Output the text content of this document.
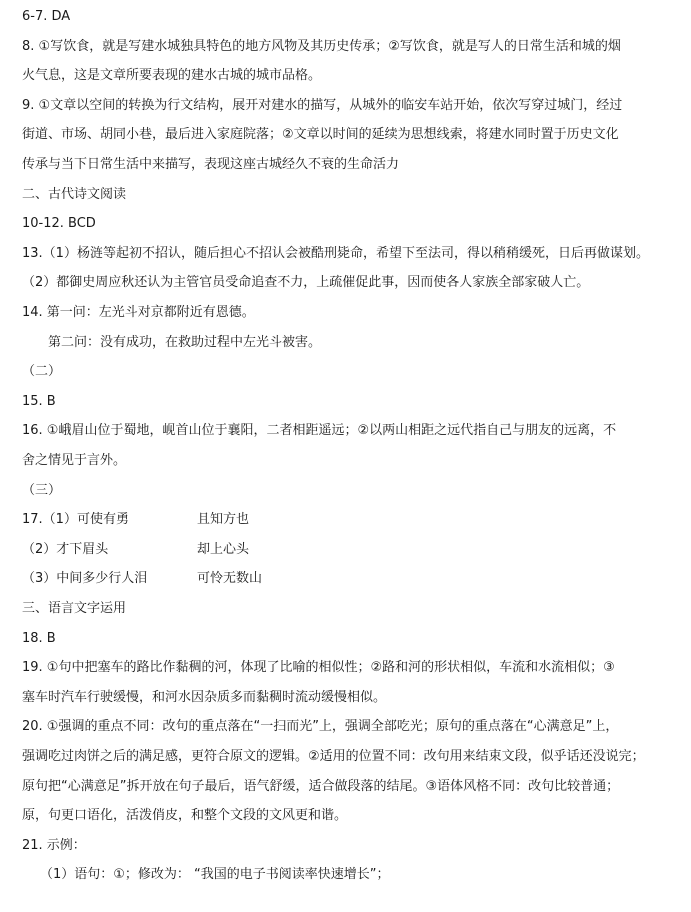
6-7. DA
8. ①写饮食，就是写建水城独具特色的地方风物及其历史传承；②写饮食，就是写人的日常生活和城的烟
火气息，这是文章所要表现的建水古城的城市品格。
9. ①文章以空间的转换为行文结构，展开对建水的描写，从城外的临安车站开始，依次写穿过城门，经过
街道、市场、胡同小巷，最后进入家庭院落；②文章以时间的延续为思想线索，将建水同时置于历史文化
传承与当下日常生活中来描写，表现这座古城经久不衰的生命活力
二、古代诗文阅读
10-12. BCD
13.（1）杨涟等起初不招认，随后担心不招认会被酷刑毙命，希望下至法司，得以稍稍缓死，日后再做谋划。
（2）都御史周应秋还认为主管官员受命追查不力，上疏催促此事，因而使各人家族全部家破人亡。
14. 第一问：左光斗对京都附近有恩德。
第二问：没有成功，在救助过程中左光斗被害。
（二）
15. B
16. ①峨眉山位于蜀地，岘首山位于襄阳，二者相距遥远；②以两山相距之远代指自己与朋友的远离，不
舍之情见于言外。
（三）
17.（1）可使有勇	且知方也
（2）才下眉头	却上心头
（3）中间多少行人泪	可怜无数山
三、语言文字运用
18. B
19. ①句中把塞车的路比作黏稠的河，体现了比喻的相似性；②路和河的形状相似，车流和水流相似；③
塞车时汽车行驶缓慢，和河水因杂质多而黏稠时流动缓慢相似。
20. ①强调的重点不同：改句的重点落在“一扫而光”上，强调全部吃光；原句的重点落在“心满意足”上，
强调吃过肉饼之后的满足感，更符合原文的逻辑。②适用的位置不同：改句用来结束文段，似乎话还没说完；
原句把“心满意足”拆开放在句子最后，语气舒缓，适合做段落的结尾。③语体风格不同：改句比较普通；
原，句更口语化，活泼俏皮，和整个文段的文风更和谐。
21. 示例：
（1）语句：①；修改为： “我国的电子书阅读率快速增长”；
